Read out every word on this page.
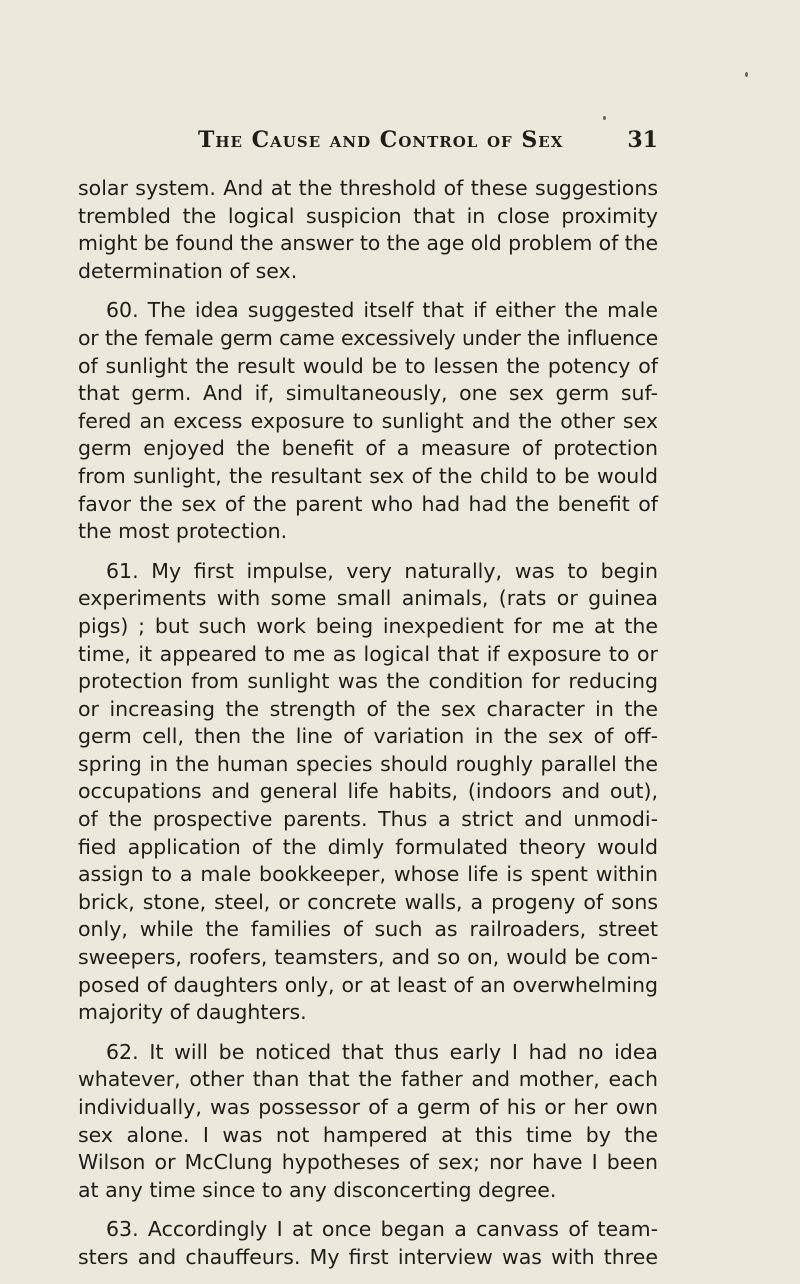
The Cause and Control of Sex	31

solar system. And at the threshold of these suggestions
trembled the logical suspicion that in close proximity
might be found the answer to the age old problem of the
determination of sex.

60. The idea suggested itself that if either the male
or the female germ came excessively under the influence
of sunlight the result would be to lessen the potency of
that germ. And if, simultaneously, one sex germ suf-
fered an excess exposure to sunlight and the other sex
germ enjoyed the benefit of a measure of protection
from sunlight, the resultant sex of the child to be would
favor the sex of the parent who had had the benefit of
the most protection.

61. My first impulse, very naturally, was to begin
experiments with some small animals, (rats or guinea
pigs) ; but such work being inexpedient for me at the
time, it appeared to me as logical that if exposure to or
protection from sunlight was the condition for reducing
or increasing the strength of the sex character in the
germ cell, then the line of variation in the sex of off-
spring in the human species should roughly parallel the
occupations and general life habits, (indoors and out),
of the prospective parents. Thus a strict and unmodi-
fied application of the dimly formulated theory would
assign to a male bookkeeper, whose life is spent within
brick, stone, steel, or concrete walls, a progeny of sons
only, while the families of such as railroaders, street
sweepers, roofers, teamsters, and so on, would be com-
posed of daughters only, or at least of an overwhelming
majority of daughters.

62. It will be noticed that thus early I had no idea
whatever, other than that the father and mother, each
individually, was possessor of a germ of his or her own
sex alone. I was not hampered at this time by the
Wilson or McClung hypotheses of sex; nor have I been
at any time since to any disconcerting degree.

63. Accordingly I at once began a canvass of team-
sters and chauffeurs. My first interview was with three
